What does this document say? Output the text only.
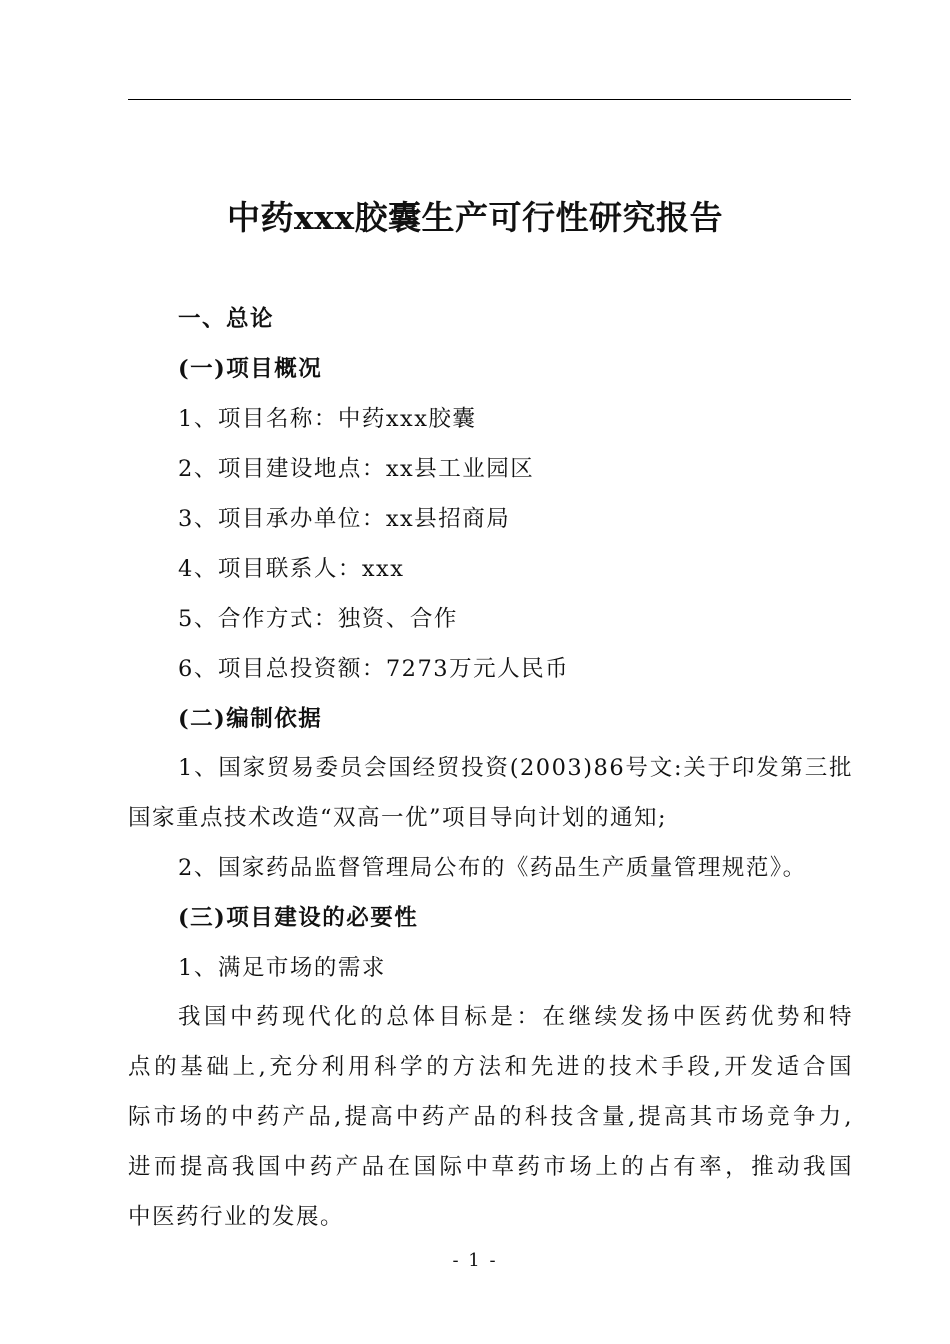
中药xxx胶囊生产可行性研究报告
一、总论
(一)项目概况
1、项目名称：中药xxx胶囊
2、项目建设地点：xx县工业园区
3、项目承办单位：xx县招商局
4、项目联系人：xxx
5、合作方式：独资、合作
6、项目总投资额：7273万元人民币
(二)编制依据
1、国家贸易委员会国经贸投资(2003)86号文:关于印发第三批
国家重点技术改造“双高一优”项目导向计划的通知;
2、国家药品监督管理局公布的《药品生产质量管理规范》。
(三)项目建设的必要性
1、满足市场的需求
我国中药现代化的总体目标是：在继续发扬中医药优势和特
点的基础上,充分利用科学的方法和先进的技术手段,开发适合国
际市场的中药产品,提高中药产品的科技含量,提高其市场竞争力,
进而提高我国中药产品在国际中草药市场上的占有率，推动我国
中医药行业的发展。
- 1 -
